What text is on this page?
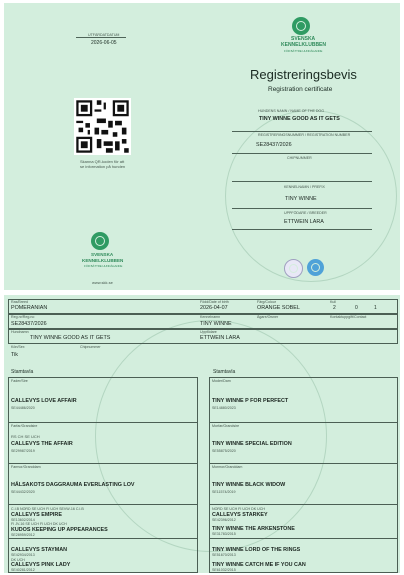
UTFÄRDATDATUM
2026-06-05
SVENSKA
KENNELKLUBBEN
FÖR BÄTTRE HUNDÄGANDE
Registreringsbevis
Registration certificate
HUNDENS NAMN / NAME OF THE DOG
TINY WINNE GOOD AS IT GETS
REGISTRERINGSNUMMER / REGISTRATION NUMBER
SE28437/2026
CHIPNUMMER
KENNELNAMN / PREFIX
TINY WINNE
UPPFÖDARE / BREEDER
ETTWEIN LARA
Skanna QR-koden för att
se information på hunden
SVENSKA
KENNELKLUBBEN
FÖR BÄTTRE HUNDÄGANDE
www.skk.se
Ras/Breed
POMERANIAN
Född/Date of birth
2026-04-07
Färg/Colour
ORANGE SOBEL
Kull
2	0	1
Reg.nr/Reg.no
SE28437/2026
Kennelnamn
TINY WINNE
Ägare/Owner	Kontaktuppgift/Contact
Hundnamn
TINY WINNE GOOD AS IT GETS
Uppfödare
ETTWEIN LARA
Kön/Sex
Tik
Chipnummer
Stamtavla	Stamtavla
Fader/Sire
CALLEVYS LOVE AFFAIR
SE44486/2020
Moder/Dam
TINY WINNE P FOR PERFECT
SE14880/2023
Farfar/Grandsire
RS CH SE UCH
CALLEVYS THE AFFAIR
SE29987/2019
Morfar/Grandsire
TINY WINNE SPECIAL EDITION
SE55875/2020
Farmor/Granddam
HÄLSAKOTS DAGGRAUMA EVERLASTING LOV
SE44432/2020
Mormor/Granddam
TINY WINNE BLACK WIDOW
SE11574/2019
C.I.B NORD SE UCH FI UCH SEVW-16 C.I.B
CALLEVYS EMPIRE
SE13602/2014
FI JV-16 SE UCH FI UCH DK UCH
KUDOS KEEPING UP APPEARANCES
SE28959/2012
NORD SE UCH FI UCH DK UCH
CALLEVYS STARKEY
SE42396/2012
TINY WINNE THE ARKENSTONE
SE31783/2015
CALLEVYS STAYMAN
SE42934/2013
DK UCH
CALLEVYS PINK LADY
SE40281/2012
TINY WINNE LORD OF THE RINGS
SE51670/2013
TINY WINNE CATCH ME IF YOU CAN
SE61032/2015
